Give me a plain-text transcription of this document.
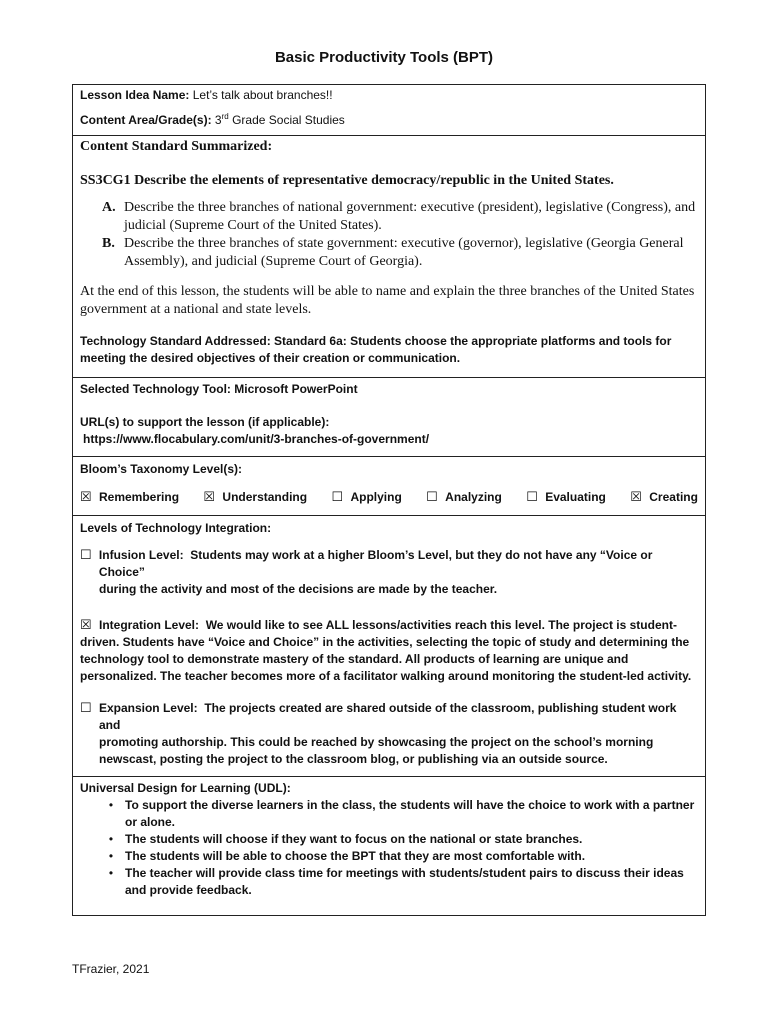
Basic Productivity Tools (BPT)
Lesson Idea Name: Let’s talk about branches!!
Content Area/Grade(s): 3rd Grade Social Studies
Content Standard Summarized:
SS3CG1 Describe the elements of representative democracy/republic in the United States.
A. Describe the three branches of national government: executive (president), legislative (Congress), and judicial (Supreme Court of the United States).
B. Describe the three branches of state government: executive (governor), legislative (Georgia General Assembly), and judicial (Supreme Court of Georgia).
At the end of this lesson, the students will be able to name and explain the three branches of the United States government at a national and state levels.
Technology Standard Addressed: Standard 6a: Students choose the appropriate platforms and tools for meeting the desired objectives of their creation or communication.
Selected Technology Tool: Microsoft PowerPoint
URL(s) to support the lesson (if applicable):
https://www.flocabulary.com/unit/3-branches-of-government/
Bloom’s Taxonomy Level(s):
☒ Remembering ☒ Understanding ☐ Applying ☐ Analyzing ☐ Evaluating ☒ Creating
Levels of Technology Integration:
☐ Infusion Level: Students may work at a higher Bloom’s Level, but they do not have any “Voice or Choice”
during the activity and most of the decisions are made by the teacher.
☒ Integration Level: We would like to see ALL lessons/activities reach this level. The project is student-
driven. Students have “Voice and Choice” in the activities, selecting the topic of study and determining the technology tool to demonstrate mastery of the standard. All products of learning are unique and personalized. The teacher becomes more of a facilitator walking around monitoring the student-led activity.
☐ Expansion Level: The projects created are shared outside of the classroom, publishing student work and
promoting authorship. This could be reached by showcasing the project on the school’s morning newscast, posting the project to the classroom blog, or publishing via an outside source.
Universal Design for Learning (UDL):
• To support the diverse learners in the class, the students will have the choice to work with a partner or alone.
• The students will choose if they want to focus on the national or state branches.
• The students will be able to choose the BPT that they are most comfortable with.
• The teacher will provide class time for meetings with students/student pairs to discuss their ideas and provide feedback.
TFrazier, 2021
